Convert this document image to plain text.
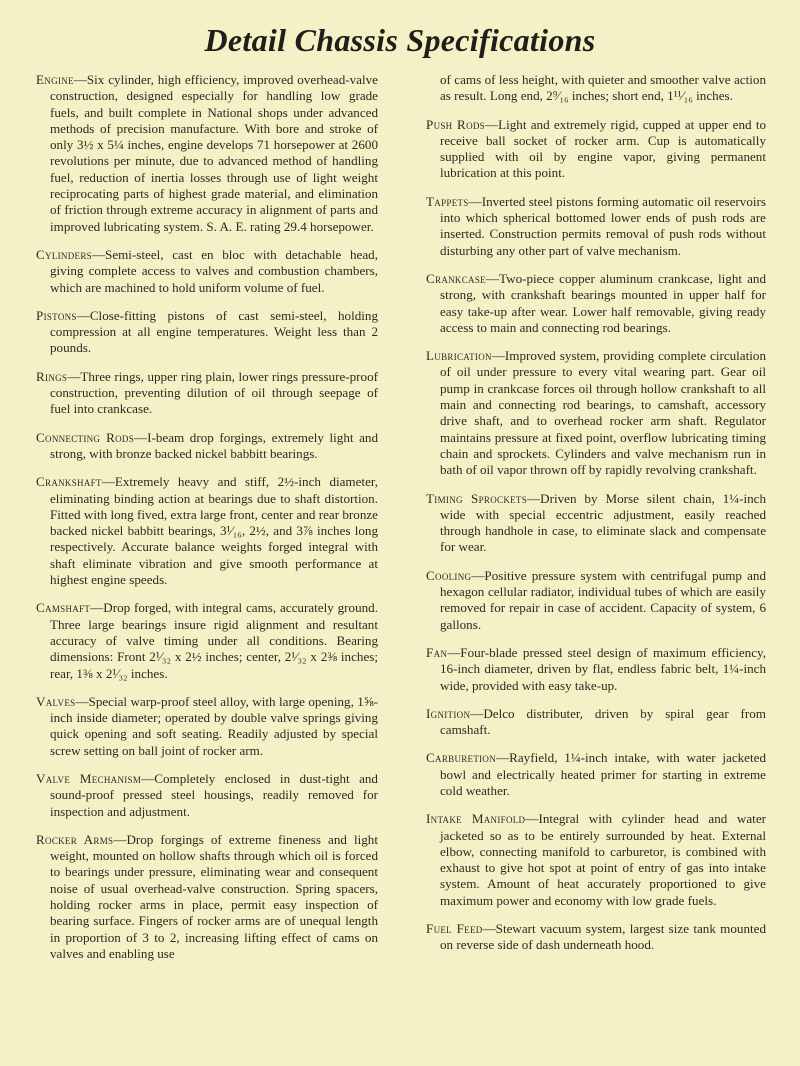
Detail Chassis Specifications

Engine—Six cylinder, high efficiency, improved overhead-valve construction, designed especially for handling low grade fuels, and built complete in National shops under advanced methods of precision manufacture. With bore and stroke of only 3½ x 5¼ inches, engine develops 71 horsepower at 2600 revolutions per minute, due to advanced method of handling fuel, reduction of inertia losses through use of light weight reciprocating parts of highest grade material, and elimination of friction through extreme accuracy in alignment of parts and improved lubricating system. S. A. E. rating 29.4 horsepower.

Cylinders—Semi-steel, cast en bloc with detachable head, giving complete access to valves and combustion chambers, which are machined to hold uniform volume of fuel.

Pistons—Close-fitting pistons of cast semi-steel, holding compression at all engine temperatures. Weight less than 2 pounds.

Rings—Three rings, upper ring plain, lower rings pressure-proof construction, preventing dilution of oil through seepage of fuel into crankcase.

Connecting Rods—I-beam drop forgings, extremely light and strong, with bronze backed nickel babbitt bearings.

Crankshaft—Extremely heavy and stiff, 2½-inch diameter, eliminating binding action at bearings due to shaft distortion. Fitted with long fived, extra large front, center and rear bronze backed nickel babbitt bearings, 3¹⁄₁₆, 2½, and 3⅞ inches long respectively. Accurate balance weights forged integral with shaft eliminate vibration and give smooth performance at highest engine speeds.

Camshaft—Drop forged, with integral cams, accurately ground. Three large bearings insure rigid alignment and resultant accuracy of valve timing under all conditions. Bearing dimensions: Front 2¹⁄₃₂ x 2½ inches; center, 2¹⁄₃₂ x 2⅜ inches; rear, 1⅜ x 2¹⁄₃₂ inches.

Valves—Special warp-proof steel alloy, with large opening, 1⅝-inch inside diameter; operated by double valve springs giving quick opening and soft seating. Readily adjusted by special screw setting on ball joint of rocker arm.

Valve Mechanism—Completely enclosed in dust-tight and sound-proof pressed steel housings, readily removed for inspection and adjustment.

Rocker Arms—Drop forgings of extreme fineness and light weight, mounted on hollow shafts through which oil is forced to bearings under pressure, eliminating wear and consequent noise of usual overhead-valve construction. Spring spacers, holding rocker arms in place, permit easy inspection of bearing surface. Fingers of rocker arms are of unequal length in proportion of 3 to 2, increasing lifting effect of cams on valves and enabling use

of cams of less height, with quieter and smoother valve action as result. Long end, 2⁹⁄₁₆ inches; short end, 1¹¹⁄₁₆ inches.

Push Rods—Light and extremely rigid, cupped at upper end to receive ball socket of rocker arm. Cup is automatically supplied with oil by engine vapor, giving permanent lubrication at this point.

Tappets—Inverted steel pistons forming automatic oil reservoirs into which spherical bottomed lower ends of push rods are inserted. Construction permits removal of push rods without disturbing any other part of valve mechanism.

Crankcase—Two-piece copper aluminum crankcase, light and strong, with crankshaft bearings mounted in upper half for easy take-up after wear. Lower half removable, giving ready access to main and connecting rod bearings.

Lubrication—Improved system, providing complete circulation of oil under pressure to every vital wearing part. Gear oil pump in crankcase forces oil through hollow crankshaft to all main and connecting rod bearings, to camshaft, accessory drive shaft, and to overhead rocker arm shaft. Regulator maintains pressure at fixed point, overflow lubricating timing chain and sprockets. Cylinders and valve mechanism run in bath of oil vapor thrown off by rapidly revolving crankshaft.

Timing Sprockets—Driven by Morse silent chain, 1¼-inch wide with special eccentric adjustment, easily reached through handhole in case, to eliminate slack and compensate for wear.

Cooling—Positive pressure system with centrifugal pump and hexagon cellular radiator, individual tubes of which are easily removed for repair in case of accident. Capacity of system, 6 gallons.

Fan—Four-blade pressed steel design of maximum efficiency, 16-inch diameter, driven by flat, endless fabric belt, 1¼-inch wide, provided with easy take-up.

Ignition—Delco distributer, driven by spiral gear from camshaft.

Carburetion—Rayfield, 1¼-inch intake, with water jacketed bowl and electrically heated primer for starting in extreme cold weather.

Intake Manifold—Integral with cylinder head and water jacketed so as to be entirely surrounded by heat. External elbow, connecting manifold to carburetor, is combined with exhaust to give hot spot at point of entry of gas into intake system. Amount of heat accurately proportioned to give maximum power and economy with low grade fuels.

Fuel Feed—Stewart vacuum system, largest size tank mounted on reverse side of dash underneath hood.
